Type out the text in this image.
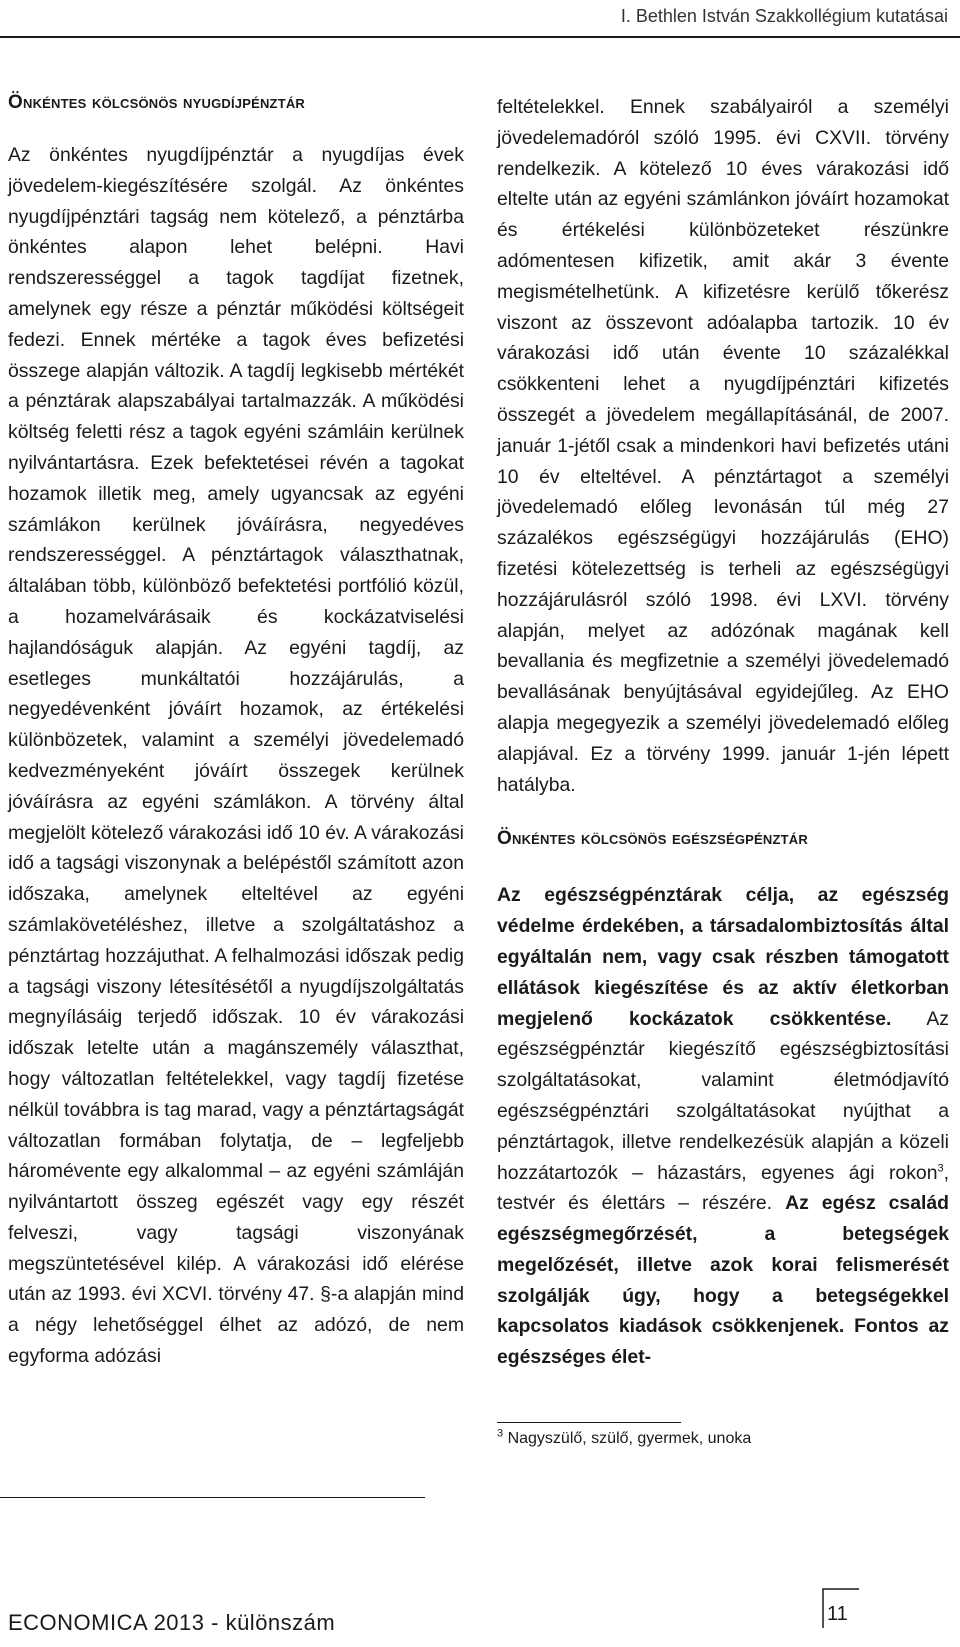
I. Bethlen István Szakkollégium kutatásai
Önkéntes kölcsönös nyugdíjpénztár

Az önkéntes nyugdíjpénztár a nyugdíjas évek jövedelem-kiegészítésére szolgál. Az önkéntes nyugdíjpénztári tagság nem kötelező, a pénztárba önkéntes alapon lehet belépni. Havi rendszerességgel a tagok tagdíjat fizetnek, amelynek egy része a pénztár működési költségeit fedezi. Ennek mértéke a tagok éves befizetési összege alapján változik. A tagdíj legkisebb mértékét a pénztárak alapszabályai tartalmazzák. A működési költség feletti rész a tagok egyéni számláin kerülnek nyilvántartásra. Ezek befektetései révén a tagokat hozamok illetik meg, amely ugyancsak az egyéni számlákon kerülnek jóváírásra, negyedéves rendszerességgel. A pénztártagok választhatnak, általában több, különböző befektetési portfólió közül, a hozamelvárásaik és kockázatviselési hajlandóságuk alapján. Az egyéni tagdíj, az esetleges munkáltatói hozzájárulás, a negyedévenként jóváírt hozamok, az értékelési különbözetek, valamint a személyi jövedelemadó kedvezményeként jóváírt összegek kerülnek jóváírásra az egyéni számlákon. A törvény által megjelölt kötelező várakozási idő 10 év. A várakozási idő a tagsági viszonynak a belépéstől számított azon időszaka, amelynek elteltével az egyéni számlakövetéléshez, illetve a szolgáltatáshoz a pénztártag hozzájuthat. A felhalmozási időszak pedig a tagsági viszony létesítésétől a nyugdíjszolgáltatás megnyílásáig terjedő időszak. 10 év várakozási időszak letelte után a magánszemély választhat, hogy változatlan feltételekkel, vagy tagdíj fizetése nélkül továbbra is tag marad, vagy a pénztártagságát változatlan formában folytatja, de – legfeljebb háromévente egy alkalommal – az egyéni számláján nyilvántartott összeg egészét vagy egy részét felveszi, vagy tagsági viszonyának megszüntetésével kilép. A várakozási idő elérése után az 1993. évi XCVI. törvény 47. §-a alapján mind a négy lehetőséggel élhet az adózó, de nem egyforma adózási

feltételekkel. Ennek szabályairól a személyi jövedelemadóról szóló 1995. évi CXVII. törvény rendelkezik. A kötelező 10 éves várakozási idő eltelte után az egyéni számlánkon jóváírt hozamokat és értékelési különbözeteket részünkre adómentesen kifizetik, amit akár 3 évente megismételhetünk. A kifizetésre kerülő tőkerész viszont az összevont adóalapba tartozik. 10 év várakozási idő után évente 10 százalékkal csökkenteni lehet a nyugdíjpénztári kifizetés összegét a jövedelem megállapításánál, de 2007. január 1-jétől csak a mindenkori havi befizetés utáni 10 év elteltével. A pénztártagot a személyi jövedelemadó előleg levonásán túl még 27 százalékos egészségügyi hozzájárulás (EHO) fizetési kötelezettség is terheli az egészségügyi hozzájárulásról szóló 1998. évi LXVI. törvény alapján, melyet az adózónak magának kell bevallania és megfizetnie a személyi jövedelemadó bevallásának benyújtásával egyidejűleg. Az EHO alapja megegyezik a személyi jövedelemadó előleg alapjával. Ez a törvény 1999. január 1-jén lépett hatályba.

Önkéntes kölcsönös egészségpénztár

Az egészségpénztárak célja, az egészség védelme érdekében, a társadalombiztosítás által egyáltalán nem, vagy csak részben támogatott ellátások kiegészítése és az aktív életkorban megjelenő kockázatok csökkentése. Az egészségpénztár kiegészítő egészségbiztosítási szolgáltatásokat, valamint életmódjavító egészségpénztári szolgáltatásokat nyújthat a pénztártagok, illetve rendelkezésük alapján a közeli hozzátartozók – házastárs, egyenes ági rokon$^3$, testvér és élettárs – részére. Az egész család egészségmegőrzését, a betegségek megelőzését, illetve azok korai felismerését szolgálják úgy, hogy a betegségekkel kapcsolatos kiadások csökkenjenek. Fontos az egészséges élet-

$^3$ Nagyszülő, szülő, gyermek, unoka
ECONOMICA 2013 - különszám	11
